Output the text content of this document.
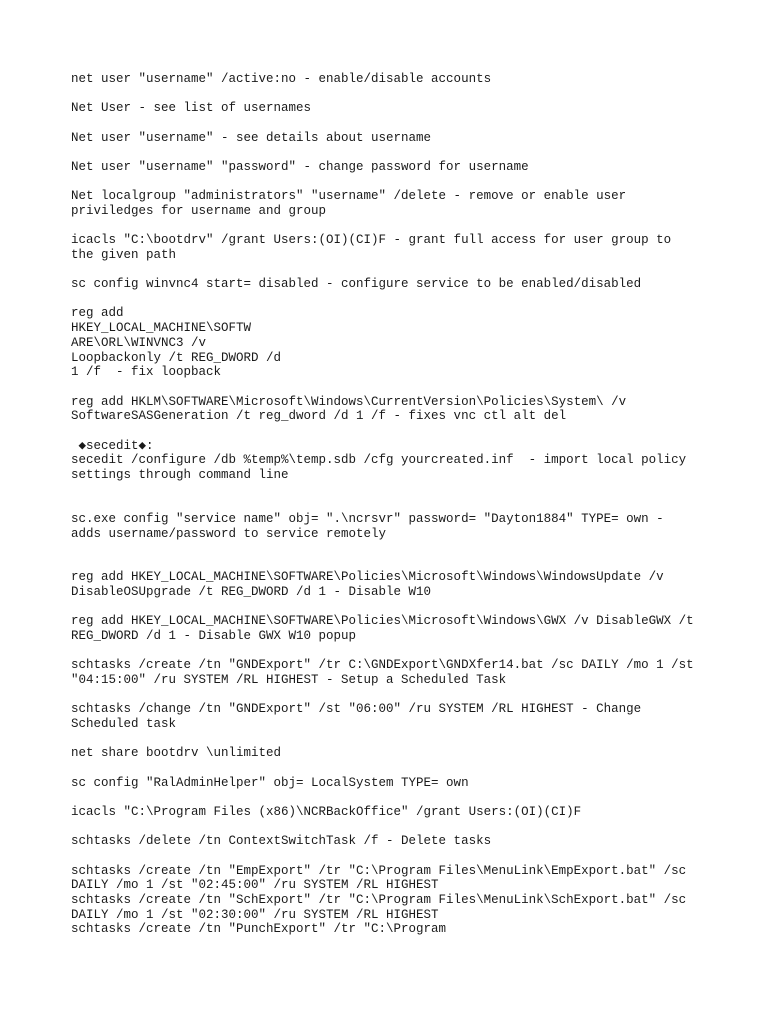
net user "username" /active:no - enable/disable accounts
Net User - see list of usernames
Net user "username" - see details about username
Net user "username" "password" - change password for username
Net localgroup "administrators" "username" /delete - remove or enable user
priviledges for username and group
icacls "C:\bootdrv" /grant Users:(OI)(CI)F - grant full access for user group to
the given path
sc config winvnc4 start= disabled - configure service to be enabled/disabled
reg add
HKEY_LOCAL_MACHINE\SOFTW
ARE\ORL\WINVNC3 /v
Loopbackonly /t REG_DWORD /d
1 /f  - fix loopback
reg add HKLM\SOFTWARE\Microsoft\Windows\CurrentVersion\Policies\System\ /v
SoftwareSASGeneration /t reg_dword /d 1 /f - fixes vnc ctl alt del
◆secedit◆:
secedit /configure /db %temp%\temp.sdb /cfg yourcreated.inf  - import local policy
settings through command line
sc.exe config "service name" obj= ".\ncrsvr" password= "Dayton1884" TYPE= own -
adds username/password to service remotely
reg add HKEY_LOCAL_MACHINE\SOFTWARE\Policies\Microsoft\Windows\WindowsUpdate /v
DisableOSUpgrade /t REG_DWORD /d 1 - Disable W10
reg add HKEY_LOCAL_MACHINE\SOFTWARE\Policies\Microsoft\Windows\GWX /v DisableGWX /t
REG_DWORD /d 1 - Disable GWX W10 popup
schtasks /create /tn "GNDExport" /tr C:\GNDExport\GNDXfer14.bat /sc DAILY /mo 1 /st
"04:15:00" /ru SYSTEM /RL HIGHEST - Setup a Scheduled Task
schtasks /change /tn "GNDExport" /st "06:00" /ru SYSTEM /RL HIGHEST - Change
Scheduled task
net share bootdrv \unlimited
sc config "RalAdminHelper" obj= LocalSystem TYPE= own
icacls "C:\Program Files (x86)\NCRBackOffice" /grant Users:(OI)(CI)F
schtasks /delete /tn ContextSwitchTask /f - Delete tasks
schtasks /create /tn "EmpExport" /tr "C:\Program Files\MenuLink\EmpExport.bat" /sc
DAILY /mo 1 /st "02:45:00" /ru SYSTEM /RL HIGHEST
schtasks /create /tn "SchExport" /tr "C:\Program Files\MenuLink\SchExport.bat" /sc
DAILY /mo 1 /st "02:30:00" /ru SYSTEM /RL HIGHEST
schtasks /create /tn "PunchExport" /tr "C:\Program
